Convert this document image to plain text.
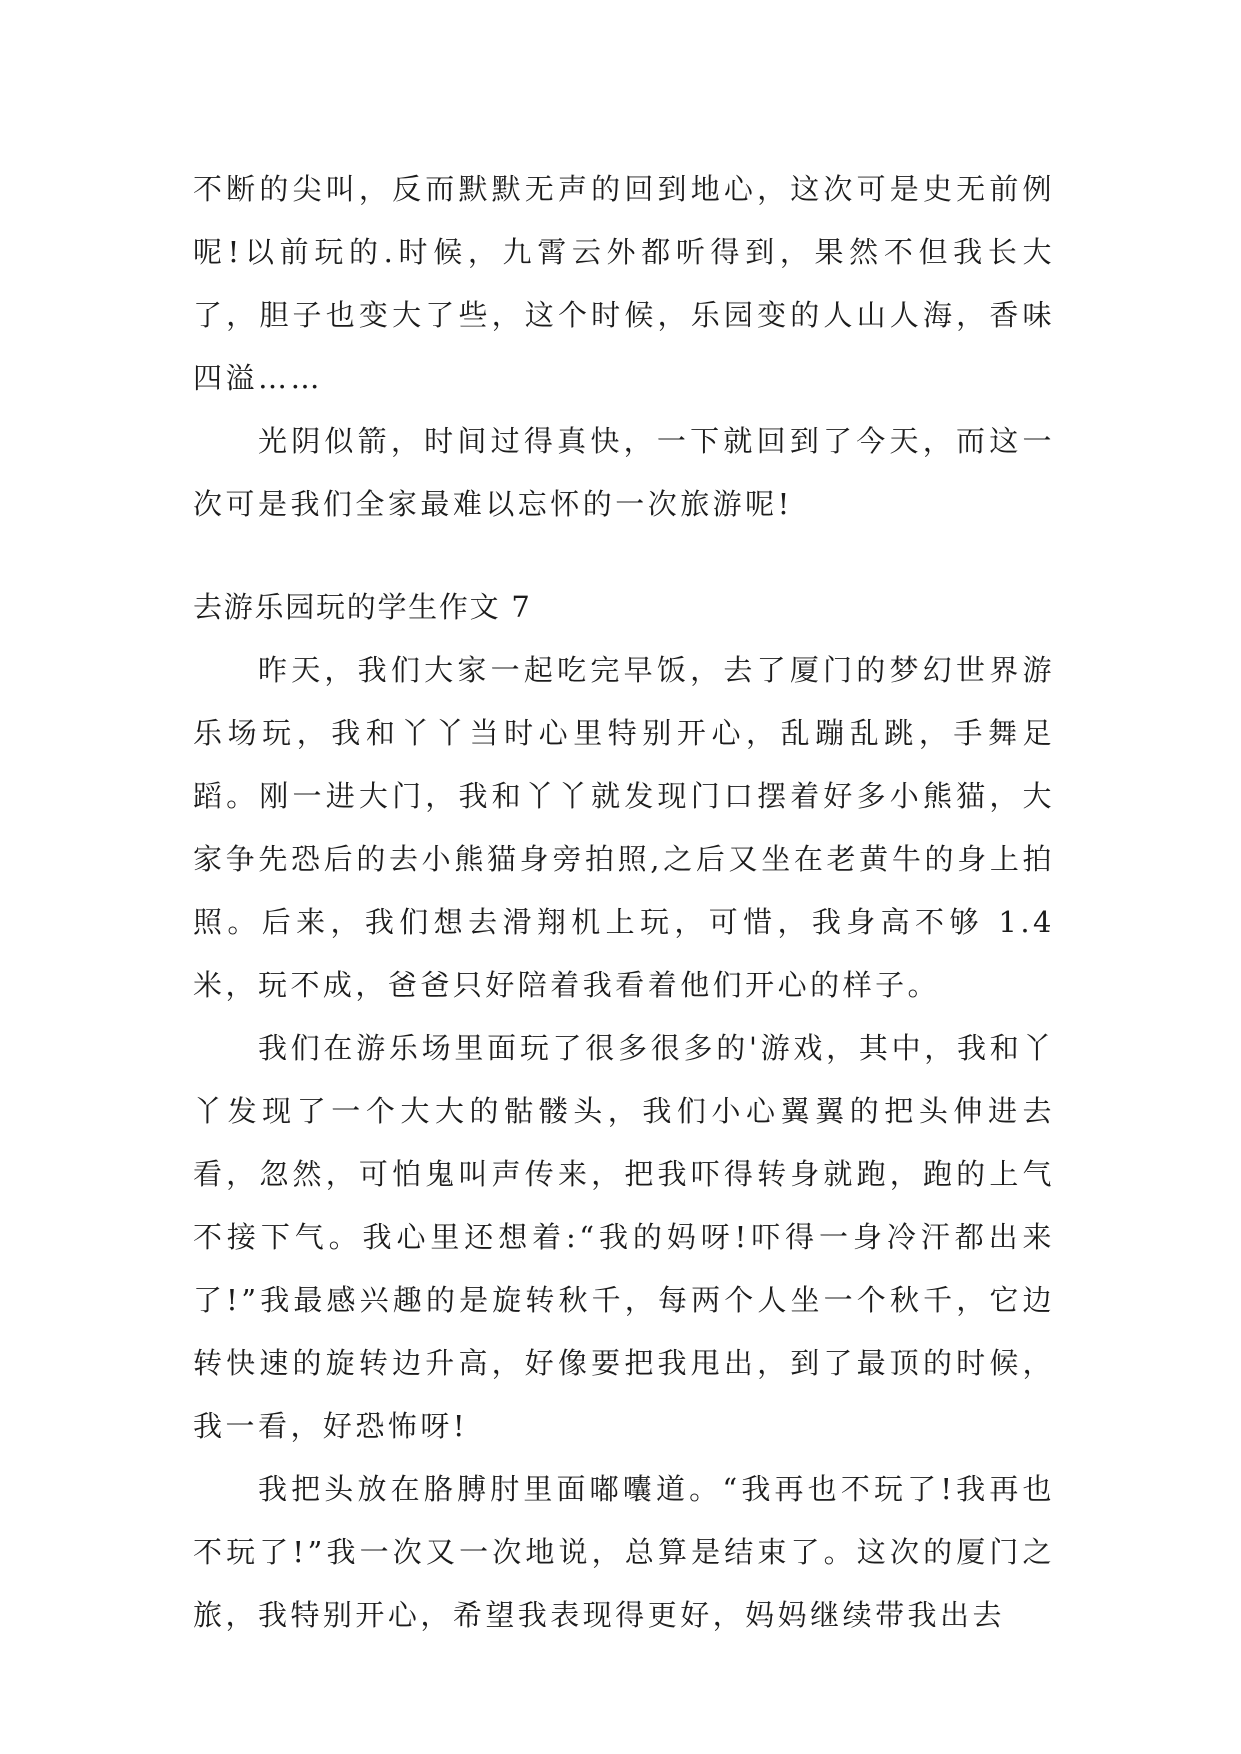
不断的尖叫，反而默默无声的回到地心，这次可是史无前例呢!以前玩的.时候，九霄云外都听得到，果然不但我长大了，胆子也变大了些，这个时候，乐园变的人山人海，香味四溢……

光阴似箭，时间过得真快，一下就回到了今天，而这一次可是我们全家最难以忘怀的一次旅游呢!

去游乐园玩的学生作文 7

昨天，我们大家一起吃完早饭，去了厦门的梦幻世界游乐场玩，我和丫丫当时心里特别开心，乱蹦乱跳，手舞足蹈。刚一进大门，我和丫丫就发现门口摆着好多小熊猫，大家争先恐后的去小熊猫身旁拍照,之后又坐在老黄牛的身上拍照。后来，我们想去滑翔机上玩，可惜，我身高不够 1.4 米，玩不成，爸爸只好陪着我看着他们开心的样子。

我们在游乐场里面玩了很多很多的'游戏，其中，我和丫丫发现了一个大大的骷髅头，我们小心翼翼的把头伸进去看，忽然，可怕鬼叫声传来，把我吓得转身就跑，跑的上气不接下气。我心里还想着:“我的妈呀!吓得一身冷汗都出来了!”我最感兴趣的是旋转秋千，每两个人坐一个秋千，它边转快速的旋转边升高，好像要把我甩出，到了最顶的时候，我一看，好恐怖呀!

我把头放在胳膊肘里面嘟囔道。“我再也不玩了!我再也不玩了!”我一次又一次地说，总算是结束了。这次的厦门之旅，我特别开心，希望我表现得更好，妈妈继续带我出去
